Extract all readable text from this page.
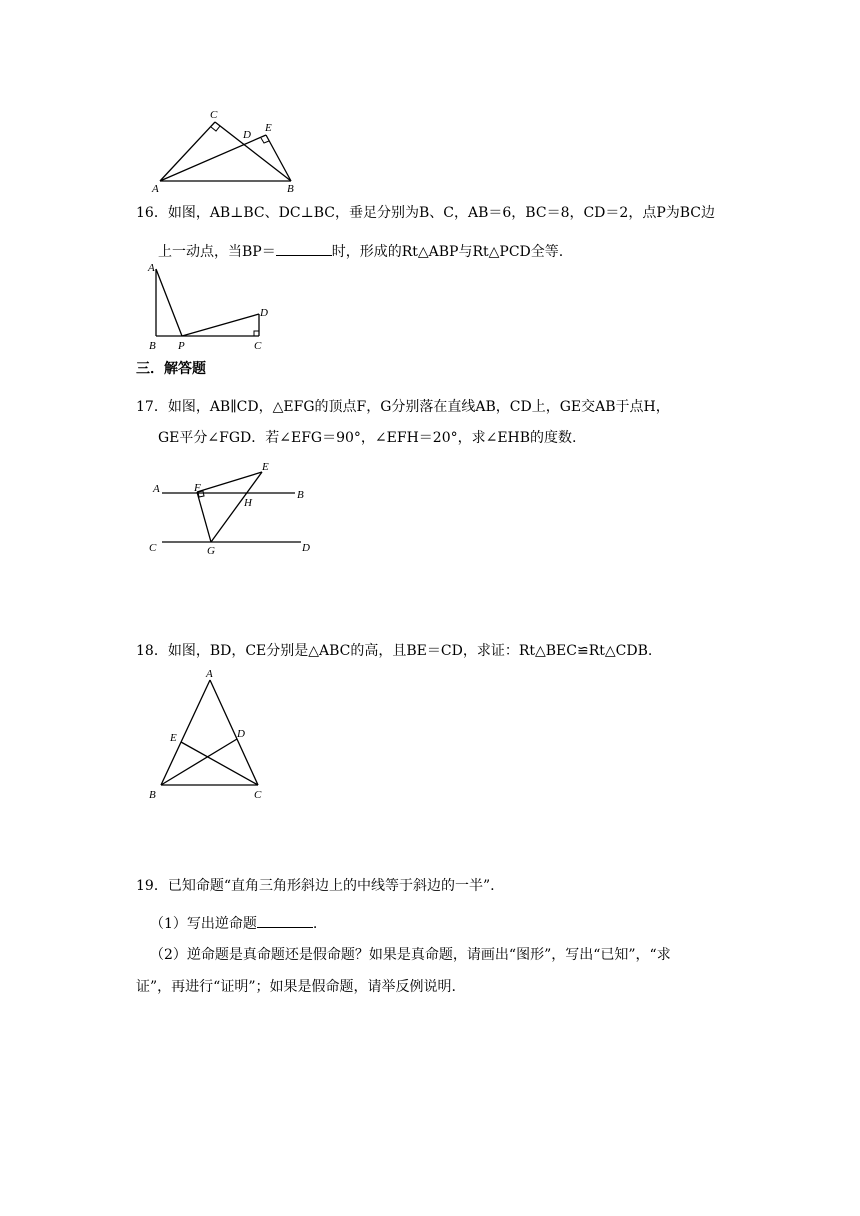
C
D
E
A	B
16．如图，AB⊥BC、DC⊥BC，垂足分别为B、C，AB＝6，BC＝8，CD＝2，点P为BC边
上一动点，当BP＝	时，形成的Rt△ABP与Rt△PCD全等.
A
B P	C
D
三．解答题
17．如图，AB∥CD，△EFG的顶点F，G分别落在直线AB，CD上，GE交AB于点H，
GE平分∠FGD．若∠EFG＝90°，∠EFH＝20°，求∠EHB的度数.
A	B
C	D
E
F
G
H
18．如图，BD，CE分别是△ABC的高，且BE＝CD，求证：Rt△BEC≌Rt△CDB.
A
E	D
B	C
19．已知命题“直角三角形斜边上的中线等于斜边的一半”.
（1）写出逆命题	.
（2）逆命题是真命题还是假命题？如果是真命题，请画出“图形”，写出“已知”，“求
证”，再进行“证明”；如果是假命题，请举反例说明.
